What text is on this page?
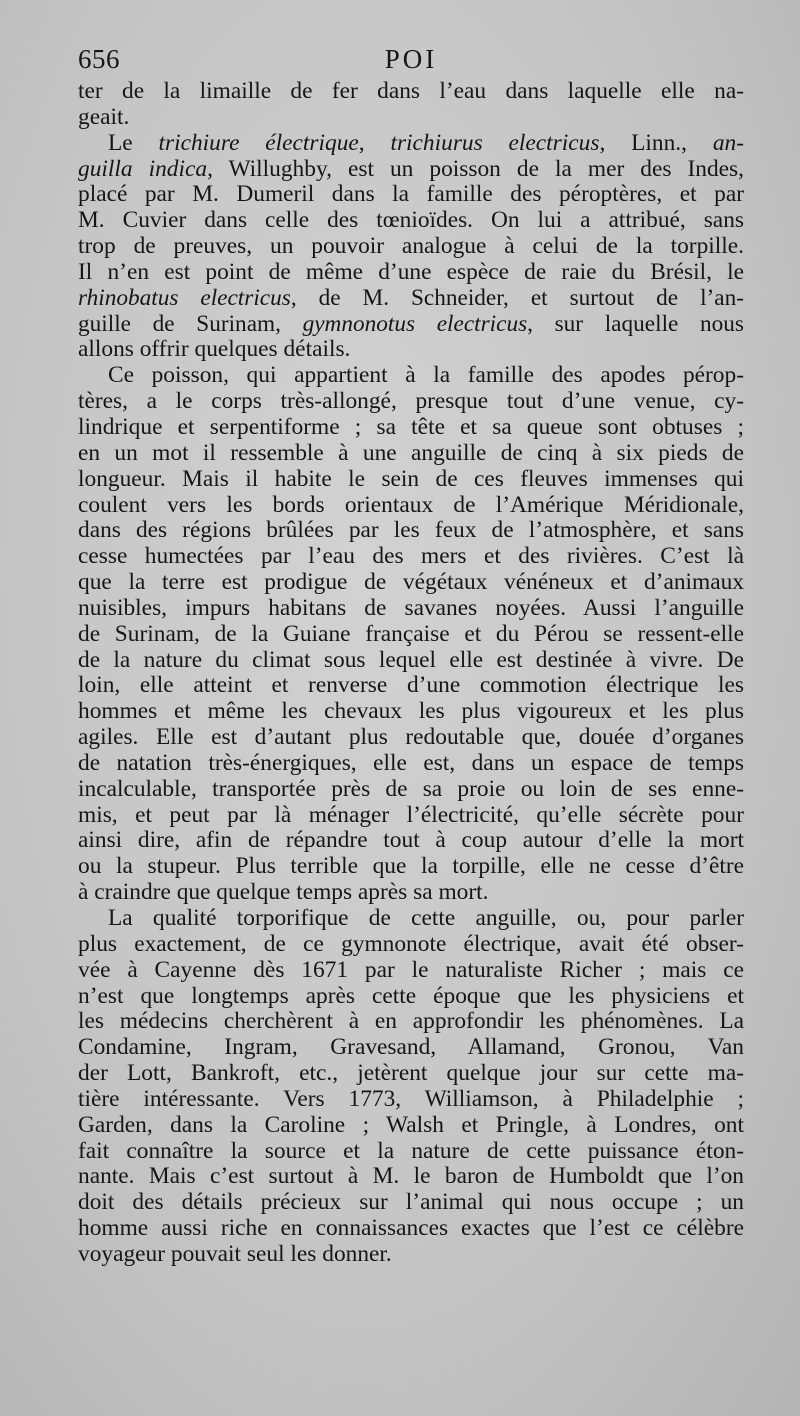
656	POI
ter de la limaille de fer dans l’eau dans laquelle elle na-
geait.
Le trichiure électrique, trichiurus electricus, Linn., an-
guilla indica, Willughby, est un poisson de la mer des Indes,
placé par M. Dumeril dans la famille des péroptères, et par
M. Cuvier dans celle des tœnioïdes. On lui a attribué, sans
trop de preuves, un pouvoir analogue à celui de la torpille.
Il n’en est point de même d’une espèce de raie du Brésil, le
rhinobatus electricus, de M. Schneider, et surtout de l’an-
guille de Surinam, gymnonotus electricus, sur laquelle nous
allons offrir quelques détails.
Ce poisson, qui appartient à la famille des apodes pérop-
tères, a le corps très-allongé, presque tout d’une venue, cy-
lindrique et serpentiforme ; sa tête et sa queue sont obtuses ;
en un mot il ressemble à une anguille de cinq à six pieds de
longueur. Mais il habite le sein de ces fleuves immenses qui
coulent vers les bords orientaux de l’Amérique Méridionale,
dans des régions brûlées par les feux de l’atmosphère, et sans
cesse humectées par l’eau des mers et des rivières. C’est là
que la terre est prodigue de végétaux vénéneux et d’animaux
nuisibles, impurs habitans de savanes noyées. Aussi l’anguille
de Surinam, de la Guiane française et du Pérou se ressent-elle
de la nature du climat sous lequel elle est destinée à vivre. De
loin, elle atteint et renverse d’une commotion électrique les
hommes et même les chevaux les plus vigoureux et les plus
agiles. Elle est d’autant plus redoutable que, douée d’organes
de natation très-énergiques, elle est, dans un espace de temps
incalculable, transportée près de sa proie ou loin de ses enne-
mis, et peut par là ménager l’électricité, qu’elle sécrète pour
ainsi dire, afin de répandre tout à coup autour d’elle la mort
ou la stupeur. Plus terrible que la torpille, elle ne cesse d’être
à craindre que quelque temps après sa mort.
La qualité torporifique de cette anguille, ou, pour parler
plus exactement, de ce gymnonote électrique, avait été obser-
vée à Cayenne dès 1671 par le naturaliste Richer ; mais ce
n’est que longtemps après cette époque que les physiciens et
les médecins cherchèrent à en approfondir les phénomènes. La
Condamine, Ingram, Gravesand, Allamand, Gronou, Van
der Lott, Bankroft, etc., jetèrent quelque jour sur cette ma-
tière intéressante. Vers 1773, Williamson, à Philadelphie ;
Garden, dans la Caroline ; Walsh et Pringle, à Londres, ont
fait connaître la source et la nature de cette puissance éton-
nante. Mais c’est surtout à M. le baron de Humboldt que l’on
doit des détails précieux sur l’animal qui nous occupe ; un
homme aussi riche en connaissances exactes que l’est ce célèbre
voyageur pouvait seul les donner.
